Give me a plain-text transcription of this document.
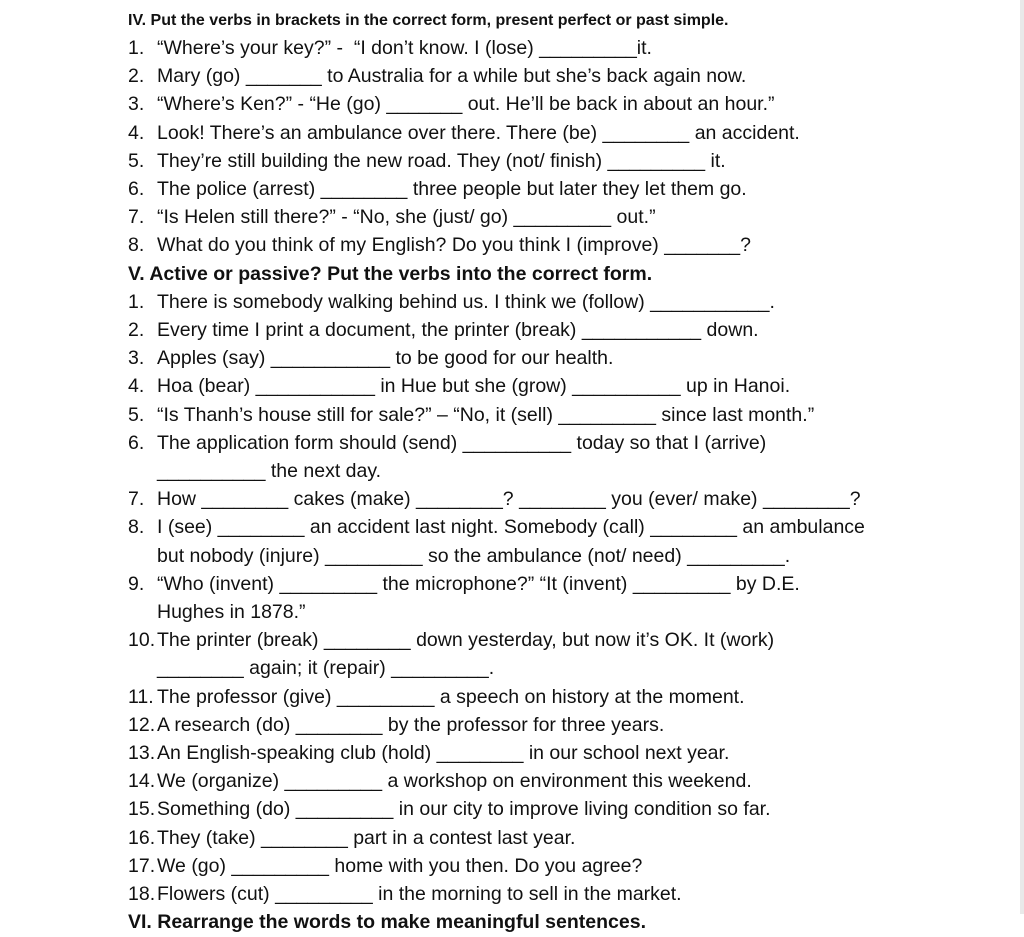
IV. Put the verbs in brackets in the correct form, present perfect or past simple.
1. “Where’s your key?” -  “I don’t know. I (lose) _________it.
2. Mary (go) _______ to Australia for a while but she’s back again now.
3. “Where’s Ken?” - “He (go) _______ out. He’ll be back in about an hour.”
4. Look! There’s an ambulance over there. There (be) ________ an accident.
5. They’re still building the new road. They (not/ finish) _________ it.
6. The police (arrest) ________ three people but later they let them go.
7. “Is Helen still there?” - “No, she (just/ go) _________ out.”
8. What do you think of my English? Do you think I (improve) _______?
V. Active or passive? Put the verbs into the correct form.
1. There is somebody walking behind us. I think we (follow) ___________.
2. Every time I print a document, the printer (break) ___________ down.
3. Apples (say) ___________ to be good for our health.
4. Hoa (bear) ___________ in Hue but she (grow) __________ up in Hanoi.
5. “Is Thanh’s house still for sale?” – “No, it (sell) _________ since last month.”
6. The application form should (send) __________ today so that I (arrive)
__________ the next day.
7. How ________ cakes (make) ________? ________ you (ever/ make) ________?
8. I (see) ________ an accident last night. Somebody (call) ________ an ambulance
but nobody (injure) _________ so the ambulance (not/ need) _________.
9. “Who (invent) _________ the microphone?” “It (invent) _________ by D.E.
Hughes in 1878.”
10. The printer (break) ________ down yesterday, but now it’s OK. It (work)
________ again; it (repair) _________.
11. The professor (give) _________ a speech on history at the moment.
12. A research (do) ________ by the professor for three years.
13. An English-speaking club (hold) ________ in our school next year.
14. We (organize) _________ a workshop on environment this weekend.
15. Something (do) _________ in our city to improve living condition so far.
16. They (take) ________ part in a contest last year.
17. We (go) _________ home with you then. Do you agree?
18. Flowers (cut) _________ in the morning to sell in the market.
VI. Rearrange the words to make meaningful sentences.
